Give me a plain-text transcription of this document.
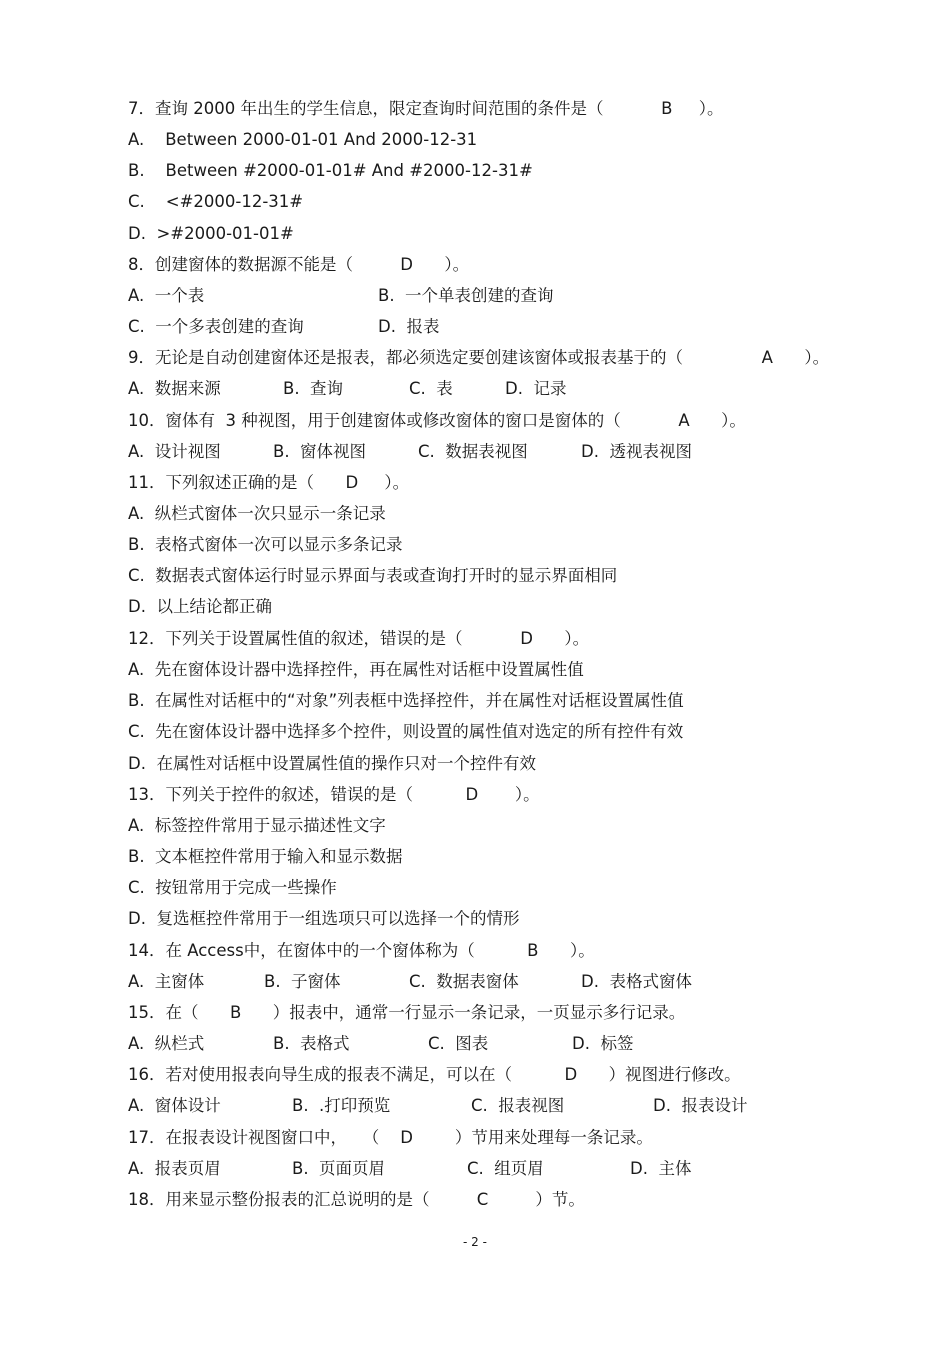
7．查询 2000 年出生的学生信息，限定查询时间范围的条件是（           B     ）。
A.    Between 2000-01-01 And 2000-12-31
B.    Between #2000-01-01# And #2000-12-31#
C.    <#2000-12-31#
D.  >#2000-01-01#
8．创建窗体的数据源不能是（         D      ）。
A.  一个表	B.  一个单表创建的查询
C.  一个多表创建的查询	D.  报表
9．无论是自动创建窗体还是报表，都必须选定要创建该窗体或报表基于的（               A      ）。
A.  数据来源	B.  查询	C.  表	D.  记录
10．窗体有  3 种视图，用于创建窗体或修改窗体的窗口是窗体的（           A      ）。
A.  设计视图	B.  窗体视图	C.  数据表视图	D.  透视表视图
11．下列叙述正确的是（      D     ）。
A.  纵栏式窗体一次只显示一条记录
B.  表格式窗体一次可以显示多条记录
C.  数据表式窗体运行时显示界面与表或查询打开时的显示界面相同
D.  以上结论都正确
12．下列关于设置属性值的叙述，错误的是（           D      ）。
A.  先在窗体设计器中选择控件，再在属性对话框中设置属性值
B.  在属性对话框中的“对象”列表框中选择控件，并在属性对话框设置属性值
C.  先在窗体设计器中选择多个控件，则设置的属性值对选定的所有控件有效
D.  在属性对话框中设置属性值的操作只对一个控件有效
13．下列关于控件的叙述，错误的是（          D       ）。
A.  标签控件常用于显示描述性文字
B.  文本框控件常用于输入和显示数据
C.  按钮常用于完成一些操作
D.  复选框控件常用于一组选项只可以选择一个的情形
14．在 Access中，在窗体中的一个窗体称为（          B      ）。
A.  主窗体	B.  子窗体	C.  数据表窗体	D.  表格式窗体
15．在（      B      ）报表中，通常一行显示一条记录，一页显示多行记录。
A.  纵栏式	B.  表格式	C.  图表	D.  标签
16．若对使用报表向导生成的报表不满足，可以在（          D      ）视图进行修改。
A.  窗体设计	B.  .打印预览	C.  报表视图	D.  报表设计
17．在报表设计视图窗口中，   （    D        ）节用来处理每一条记录。
A.  报表页眉	B.  页面页眉	C.  组页眉	D.  主体
18．用来显示整份报表的汇总说明的是（         C         ）节。
- 2 -
